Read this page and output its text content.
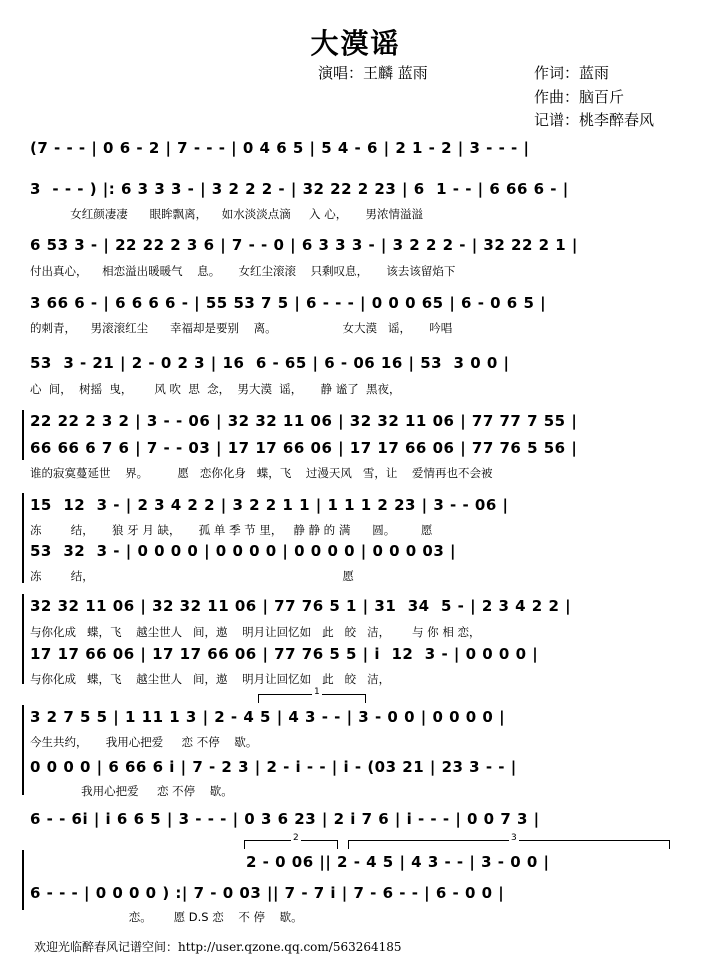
大漠谣
演唱：王麟 蓝雨	作词：蓝雨
作曲：脑百斤
记谱：桃李醉春风
(7 - - - | 0 6 - 2 | 7 - - - | 0 4 6 5 | 5 4 - 6 | 2 1 - 2 | 3 - - - |
3  - - - ) |: 6 3 3 3 - | 3 2 2 2 - | 32 22 2 23 | 6  1 - - | 6 66 6 - |
女红颜凄凄      眼眸飘离，    如水淡淡点滴     入 心，     男浓情溢溢
6 53 3 - | 22 22 2 3 6 | 7 - - 0 | 6 3 3 3 - | 3 2 2 2 - | 32 22 2 1 |
付出真心，    相恋溢出暖暖气    息。     女红尘滚滚    只剩叹息，     该去该留焰下
3 66 6 - | 6 6 6 6 - | 55 53 7 5 | 6 - - - | 0 0 0 65 | 6 - 0 6 5 |
的刺青，    男滚滚红尘      幸福却是要别    离。                  女大漠   谣，     吟唱
53  3 - 21 | 2 - 0 2 3 | 16  6 - 65 | 6 - 06 16 | 53  3 0 0 |
心  间，  树摇  曳，      风 吹  思  念，  男大漠  谣，     静 谧了  黑夜，
22 22 2 3 2 | 3 - - 06 | 32 32 11 06 | 32 32 11 06 | 77 77 7 55 |
66 66 6 7 6 | 7 - - 03 | 17 17 66 06 | 17 17 66 06 | 77 76 5 56 |
谁的寂寞蔓延世    界。        愿   恋你化身   蝶，飞    过漫天风   雪，让    爱情再也不会被
15  12  3 - | 2 3 4 2 2 | 3 2 2 1 1 | 1 1 1 2 23 | 3 - - 06 |
冻        结，     狼 牙 月 缺，     孤 单 季 节 里，   静 静 的 满      圆。       愿
53  32  3 - | 0 0 0 0 | 0 0 0 0 | 0 0 0 0 | 0 0 0 03 |
冻        结，                                                                    愿
32 32 11 06 | 32 32 11 06 | 77 76 5 1 | 31  34  5 - | 2 3 4 2 2 |
与你化成   蝶，飞    越尘世人   间，遨    明月让回忆如   此   皎   洁，      与 你 相 恋，
17 17 66 06 | 17 17 66 06 | 77 76 5 5 | i  12  3 - | 0 0 0 0 |
与你化成   蝶，飞    越尘世人   间，遨    明月让回忆如   此   皎   洁，
1
3 2 7 5 5 | 1 11 1 3 | 2 - 4 5 | 4 3 - - | 3 - 0 0 | 0 0 0 0 |
今生共约，     我用心把爱     恋 不停    歇。
0 0 0 0 | 6 66 6 i | 7 - 2 3 | 2 - i - - | i - (03 21 | 23 3 - - |
我用心把爱     恋 不停    歇。
6 - - 6i | i 6 6 5 | 3 - - - | 0 3 6 23 | 2 i 7 6 | i - - - | 0 0 7 3 |
2	3
2 - 0 06 || 2 - 4 5 | 4 3 - - | 3 - 0 0 |
6 - - - | 0 0 0 0 ) :| 7 - 0 03 || 7 - 7 i | 7 - 6 - - | 6 - 0 0 |
恋。      愿 D.S 恋    不 停    歇。
欢迎光临醉春风记谱空间：http://user.qzone.qq.com/563264185
